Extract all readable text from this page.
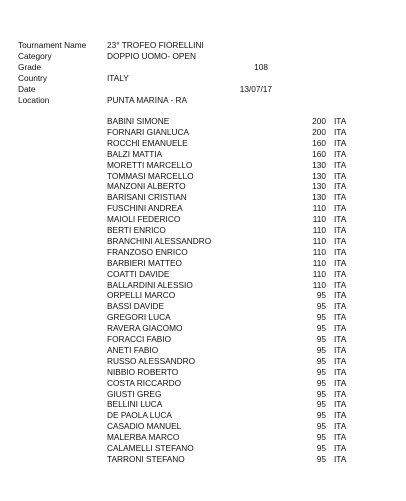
Tournament Name 23° TROFEO FIORELLINI
Category	DOPPIO UOMO- OPEN
Grade	108
Country	ITALY
Date	13/07/17
Location	PUNTA MARINA - RA
BABINI SIMONE	200 ITA
FORNARI GIANLUCA	200 ITA
ROCCHI EMANUELE	160 ITA
BALZI MATTIA	160 ITA
MORETTI MARCELLO	130 ITA
TOMMASI MARCELLO	130 ITA
MANZONI ALBERTO	130 ITA
BARISANI CRISTIAN	130 ITA
FUSCHINI ANDREA	110 ITA
MAIOLI FEDERICO	110 ITA
BERTI ENRICO	110 ITA
BRANCHINI ALESSANDRO	110 ITA
FRANZOSO ENRICO	110 ITA
BARBIERI MATTEO	110 ITA
COATTI DAVIDE	110 ITA
BALLARDINI ALESSIO	110 ITA
ORPELLI MARCO	95 ITA
BASSI DAVIDE	95 ITA
GREGORI LUCA	95 ITA
RAVERA GIACOMO	95 ITA
FORACCI FABIO	95 ITA
ANETI FABIO	95 ITA
RUSSO ALESSANDRO	95 ITA
NIBBIO ROBERTO	95 ITA
COSTA RICCARDO	95 ITA
GIUSTI GREG	95 ITA
BELLINI LUCA	95 ITA
DE PAOLA LUCA	95 ITA
CASADIO MANUEL	95 ITA
MALERBA MARCO	95 ITA
CALAMELLI STEFANO	95 ITA
TARRONI STEFANO	95 ITA
